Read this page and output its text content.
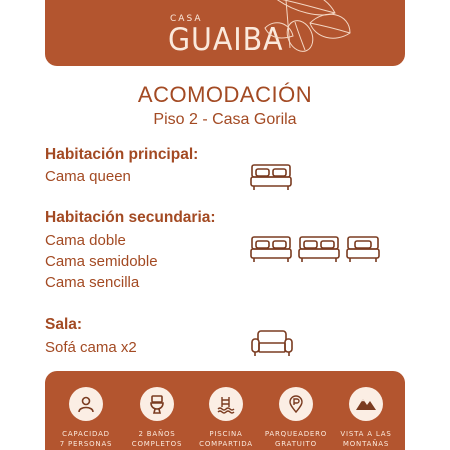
CASA
GUAIBA
ACOMODACIÓN
Piso 2 - Casa Gorila
Habitación principal:
Cama queen
Habitación secundaria:
Cama doble
Cama semidoble
Cama sencilla
Sala:
Sofá cama x2
CAPACIDAD
7 PERSONAS
2 BAÑOS
COMPLETOS
PISCINA
COMPARTIDA
PARQUEADERO
GRATUITO
VISTA A LAS
MONTAÑAS
